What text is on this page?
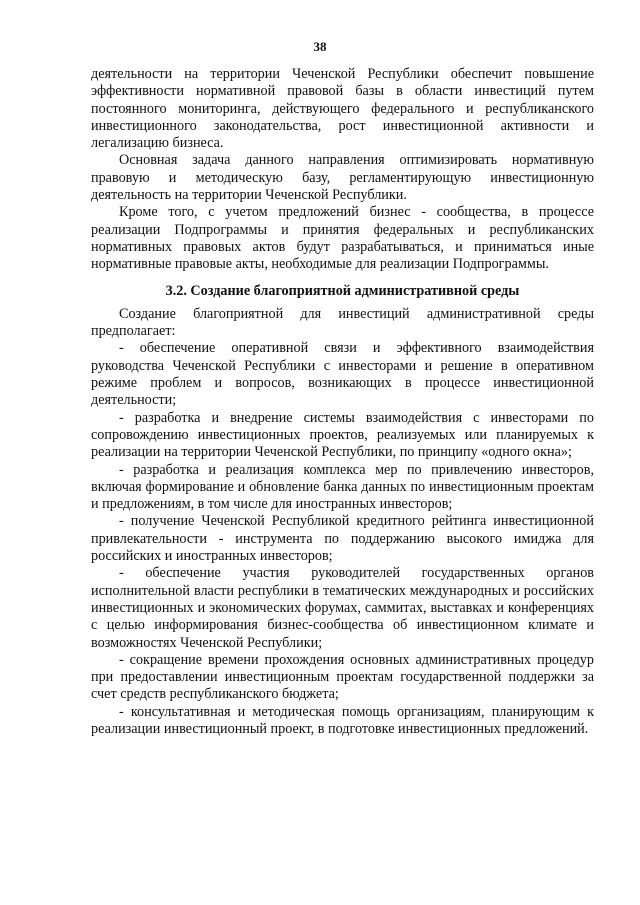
38

деятельности на территории Чеченской Республики обеспечит повышение эффективности нормативной правовой базы в области инвестиций путем постоянного мониторинга, действующего федерального и республиканского инвестиционного законодательства, рост инвестиционной активности и легализацию бизнеса.

Основная задача данного направления оптимизировать нормативную правовую и методическую базу, регламентирующую инвестиционную деятельность на территории Чеченской Республики.

Кроме того, с учетом предложений бизнес - сообщества, в процессе реализации Подпрограммы и принятия федеральных и республиканских нормативных правовых актов будут разрабатываться, и приниматься иные нормативные правовые акты, необходимые для реализации Подпрограммы.

3.2. Создание благоприятной административной среды

Создание благоприятной для инвестиций административной среды предполагает:

- обеспечение оперативной связи и эффективного взаимодействия руководства Чеченской Республики с инвесторами и решение в оперативном режиме проблем и вопросов, возникающих в процессе инвестиционной деятельности;

- разработка и внедрение системы взаимодействия с инвесторами по сопровождению инвестиционных проектов, реализуемых или планируемых к реализации на территории Чеченской Республики, по принципу «одного окна»;

- разработка и реализация комплекса мер по привлечению инвесторов, включая формирование и обновление банка данных по инвестиционным проектам и предложениям, в том числе для иностранных инвесторов;

- получение Чеченской Республикой кредитного рейтинга инвестиционной привлекательности - инструмента по поддержанию высокого имиджа для российских и иностранных инвесторов;

- обеспечение участия руководителей государственных органов исполнительной власти республики в тематических международных и российских инвестиционных и экономических форумах, саммитах, выставках и конференциях с целью информирования бизнес-сообщества об инвестиционном климате и возможностях Чеченской Республики;

- сокращение времени прохождения основных административных процедур при предоставлении инвестиционным проектам государственной поддержки за счет средств республиканского бюджета;

- консультативная и методическая помощь организациям, планирующим к реализации инвестиционный проект, в подготовке инвестиционных предложений.
